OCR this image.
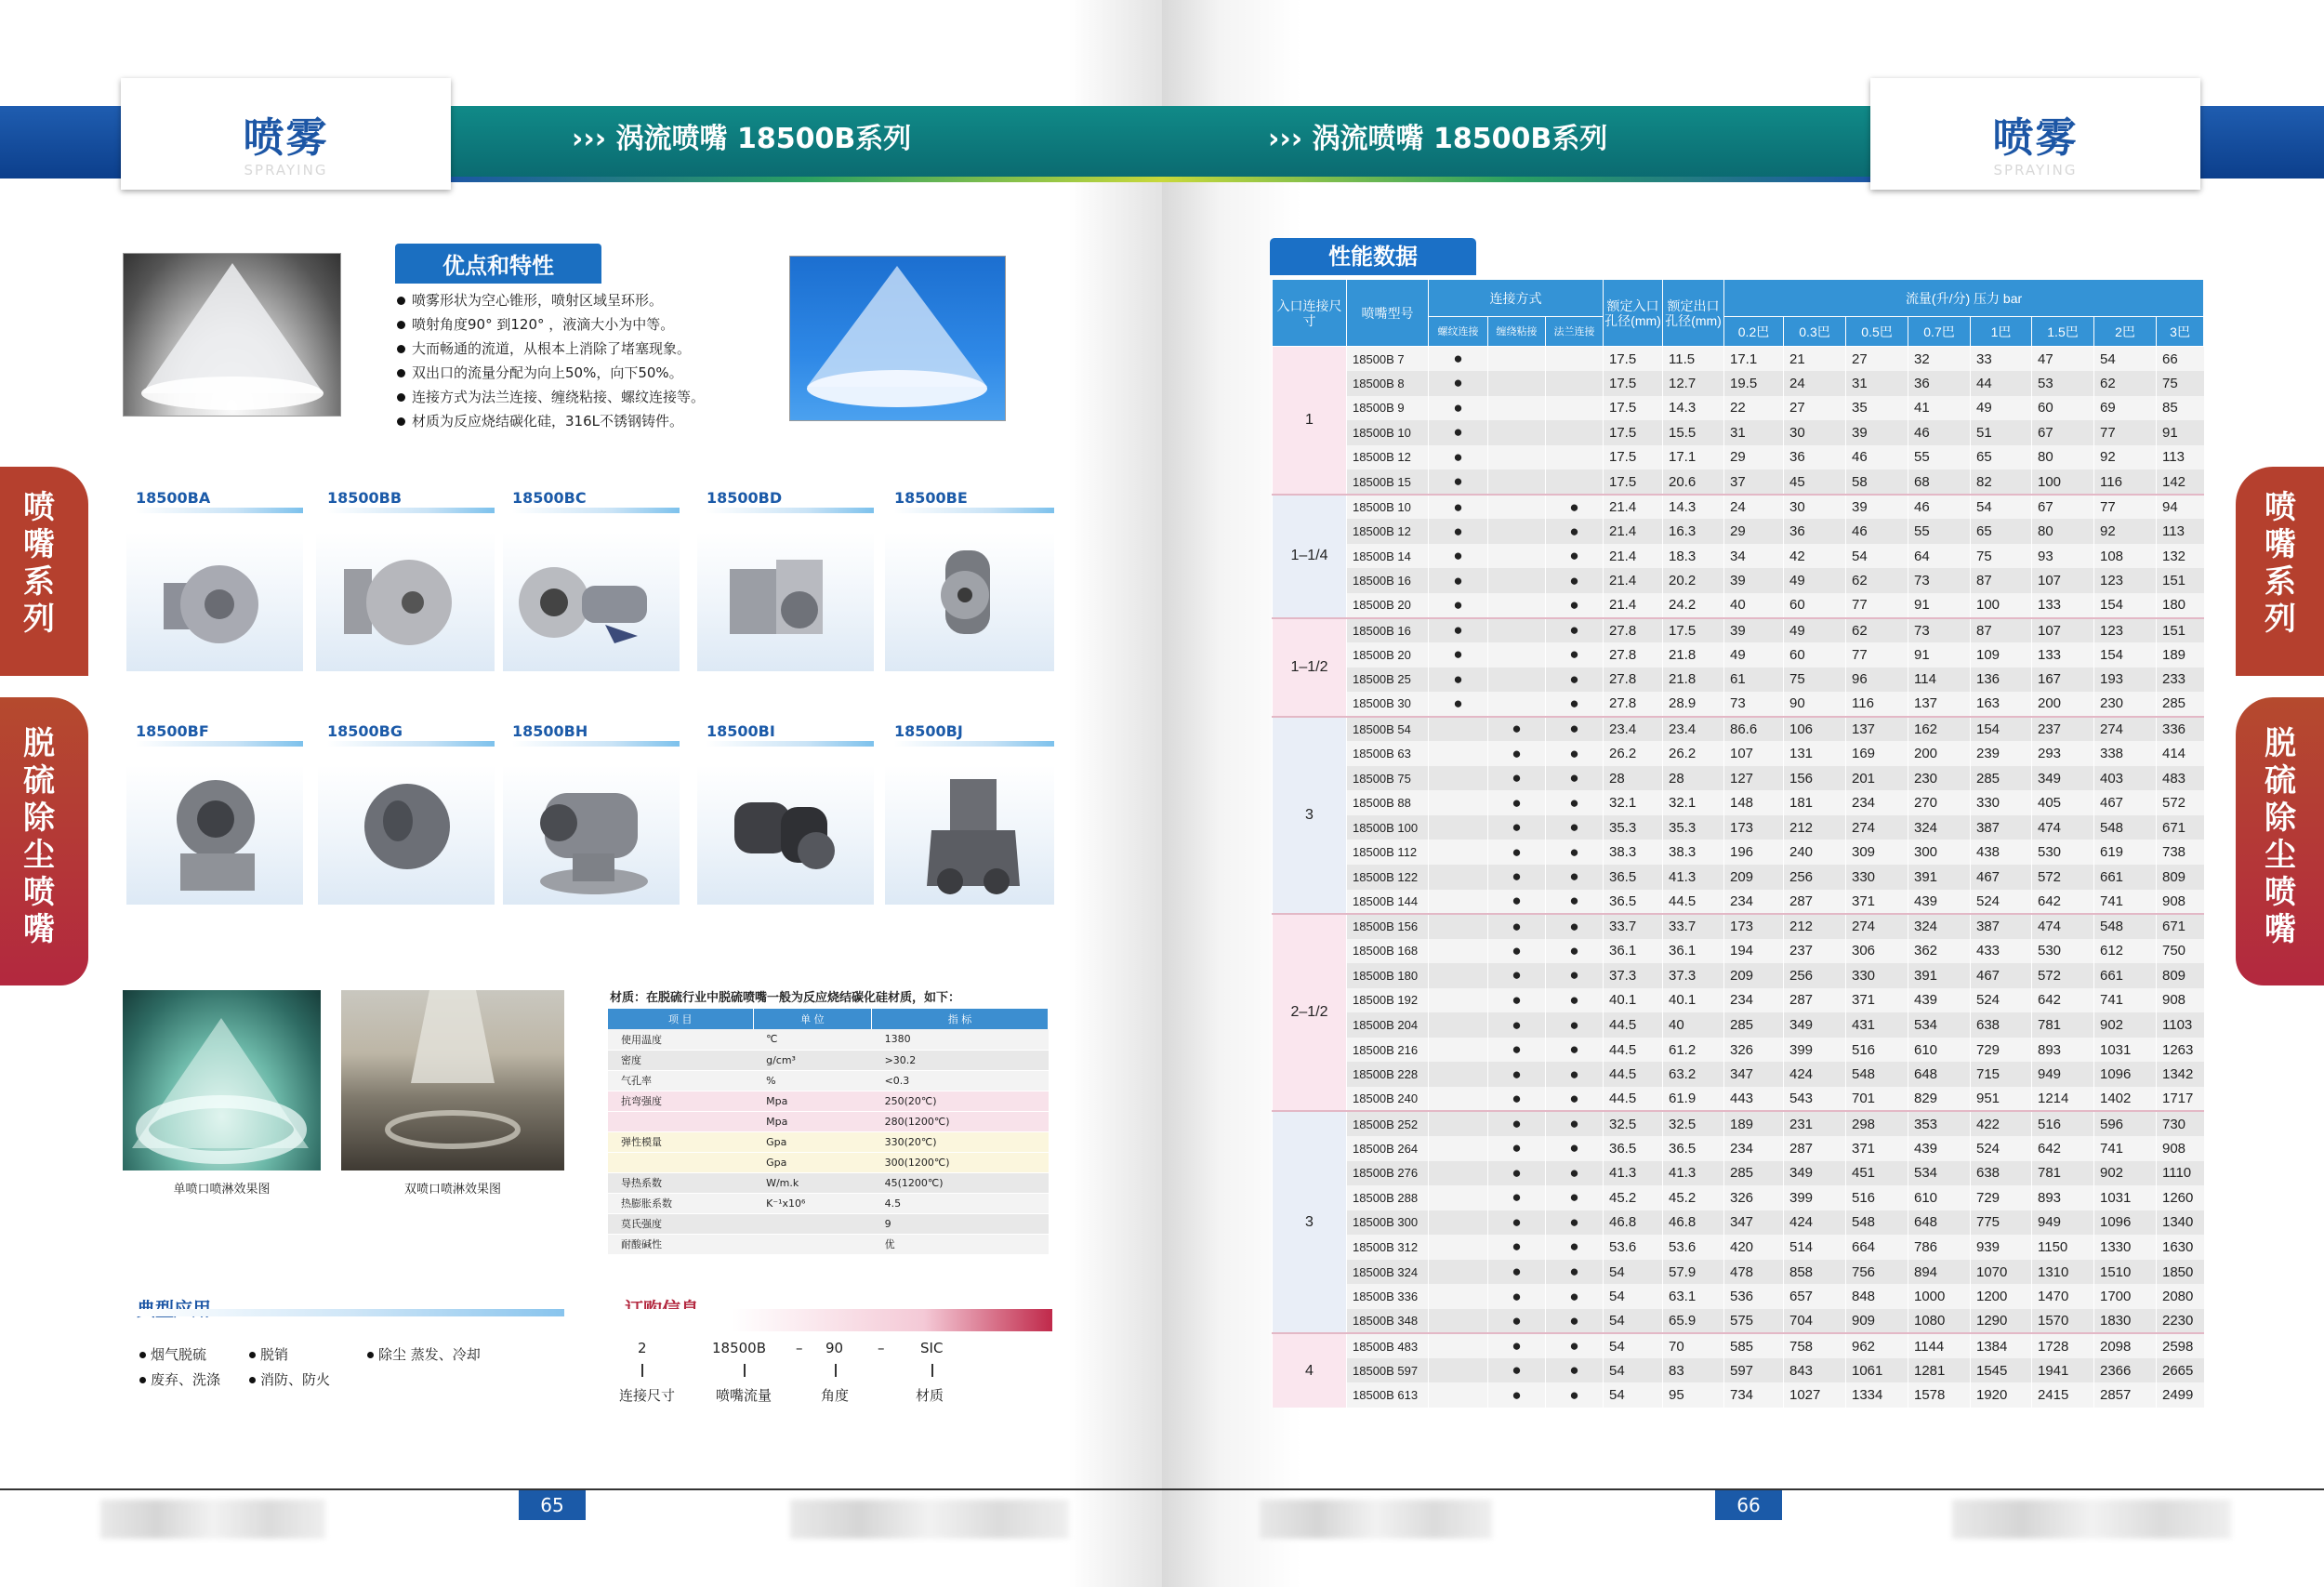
喷雾
SPRAYING
››› 涡流喷嘴 18500B系列
喷嘴系列
脱硫除尘喷嘴
优点和特性
喷雾形状为空心锥形，喷射区域呈环形。
喷射角度90° 到120° ，液滴大小为中等。
大而畅通的流道，从根本上消除了堵塞现象。
双出口的流量分配为向上50%，向下50%。
连接方式为法兰连接、缠绕粘接、螺纹连接等。
材质为反应烧结碳化硅，316L不锈钢铸件。
18500BA	18500BB	18500BC	18500BD	18500BE
18500BF	18500BG	18500BH	18500BI	18500BJ
单喷口喷淋效果图	双喷口喷淋效果图
材质：在脱硫行业中脱硫喷嘴一般为反应烧结碳化硅材质，如下：
项 目	单 位	指 标
使用温度	℃	1380
密度	g/cm³	>30.2
气孔率	%	<0.3
抗弯强度	Mpa	250(20℃)
	Mpa	280(1200℃)
弹性模量	Gpa	330(20℃)
	Gpa	300(1200℃)
导热系数	W/m.k	45(1200℃)
热膨胀系数	K⁻¹x10⁶	4.5
莫氏强度		9
耐酸碱性		优
烟气脱硫	脱销	除尘 蒸发、冷却
废弃、洗涤	消防、防火
2	18500B – 90 –	SIC
连接尺寸	喷嘴流量	角度	材质
65
喷雾
SPRAYING
››› 涡流喷嘴 18500B系列
喷嘴系列
脱硫除尘喷嘴
性能数据
入口连接尺寸	喷嘴型号	连接方式			额定入口孔径(mm)	额定出口孔径(mm)	流量(升/分) 压力 bar							
		螺纹连接	缠绕粘接	法兰连接			0.2巴	0.3巴	0.5巴	0.7巴	1巴	1.5巴	2巴	3巴
1	18500B 7	●			17.5	11.5	17.1	21	27	32	33	47	54	66
	18500B 8	●			17.5	12.7	19.5	24	31	36	44	53	62	75
	18500B 9	●			17.5	14.3	22	27	35	41	49	60	69	85
	18500B 10	●			17.5	15.5	31	30	39	46	51	67	77	91
	18500B 12	●			17.5	17.1	29	36	46	55	65	80	92	113
	18500B 15	●			17.5	20.6	37	45	58	68	82	100	116	142
1–1/4	18500B 10	●		●	21.4	14.3	24	30	39	46	54	67	77	94
	18500B 12	●		●	21.4	16.3	29	36	46	55	65	80	92	113
	18500B 14	●		●	21.4	18.3	34	42	54	64	75	93	108	132
	18500B 16	●		●	21.4	20.2	39	49	62	73	87	107	123	151
	18500B 20	●		●	21.4	24.2	40	60	77	91	100	133	154	180
1–1/2	18500B 16	●		●	27.8	17.5	39	49	62	73	87	107	123	151
	18500B 20	●		●	27.8	21.8	49	60	77	91	109	133	154	189
	18500B 25	●		●	27.8	21.8	61	75	96	114	136	167	193	233
	18500B 30	●		●	27.8	28.9	73	90	116	137	163	200	230	285
3	18500B 54		●	●	23.4	23.4	86.6	106	137	162	154	237	274	336
	18500B 63		●	●	26.2	26.2	107	131	169	200	239	293	338	414
	18500B 75		●	●	28	28	127	156	201	230	285	349	403	483
	18500B 88		●	●	32.1	32.1	148	181	234	270	330	405	467	572
	18500B 100		●	●	35.3	35.3	173	212	274	324	387	474	548	671
	18500B 112		●	●	38.3	38.3	196	240	309	300	438	530	619	738
	18500B 122		●	●	36.5	41.3	209	256	330	391	467	572	661	809
	18500B 144		●	●	36.5	44.5	234	287	371	439	524	642	741	908
2–1/2	18500B 156		●	●	33.7	33.7	173	212	274	324	387	474	548	671
	18500B 168		●	●	36.1	36.1	194	237	306	362	433	530	612	750
	18500B 180		●	●	37.3	37.3	209	256	330	391	467	572	661	809
	18500B 192		●	●	40.1	40.1	234	287	371	439	524	642	741	908
	18500B 204		●	●	44.5	40	285	349	431	534	638	781	902	1103
	18500B 216		●	●	44.5	61.2	326	399	516	610	729	893	1031	1263
	18500B 228		●	●	44.5	63.2	347	424	548	648	715	949	1096	1342
	18500B 240		●	●	44.5	61.9	443	543	701	829	951	1214	1402	1717
3	18500B 252		●	●	32.5	32.5	189	231	298	353	422	516	596	730
	18500B 264		●	●	36.5	36.5	234	287	371	439	524	642	741	908
	18500B 276		●	●	41.3	41.3	285	349	451	534	638	781	902	1110
	18500B 288		●	●	45.2	45.2	326	399	516	610	729	893	1031	1260
	18500B 300		●	●	46.8	46.8	347	424	548	648	775	949	1096	1340
	18500B 312		●	●	53.6	53.6	420	514	664	786	939	1150	1330	1630
	18500B 324		●	●	54	57.9	478	858	756	894	1070	1310	1510	1850
	18500B 336		●	●	54	63.1	536	657	848	1000	1200	1470	1700	2080
	18500B 348		●	●	54	65.9	575	704	909	1080	1290	1570	1830	2230
4	18500B 483		●	●	54	70	585	758	962	1144	1384	1728	2098	2598
	18500B 597		●	●	54	83	597	843	1061	1281	1545	1941	2366	2665
	18500B 613		●	●	54	95	734	1027	1334	1578	1920	2415	2857	2499
66
